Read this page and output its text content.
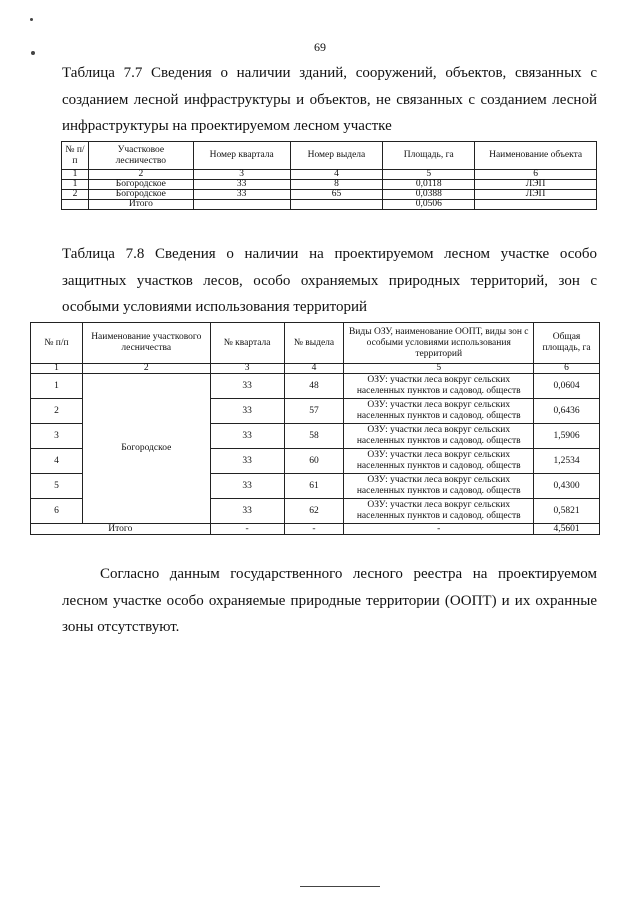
69
Таблица 7.7 Сведения о наличии зданий, сооружений, объектов, связанных с
созданием лесной инфраструктуры и объектов, не связанных с созданием лесной
инфраструктуры на проектируемом лесном участке
№ п/п	Участковое лесничество	Номер квартала	Номер выдела	Площадь, га	Наименование объекта
1	2	3	4	5	6
1	Богородское	33	8	0,0118	ЛЭП
2	Богородское	33	65	0,0388	ЛЭП
	Итого			0,0506	
Таблица 7.8 Сведения о наличии на проектируемом лесном участке особо
защитных участков лесов, особо охраняемых природных территорий, зон с
особыми условиями использования территорий
№ п/п	Наименование участкового лесничества	№ квартала	№ выдела	Виды ОЗУ, наименование ООПТ, виды зон с особыми условиями использования территорий	Общая площадь, га
1	2	3	4	5	6
1	Богородское	33	48	ОЗУ: участки леса вокруг сельских
населенных пунктов и садовод. обществ	0,0604
2		33	57	ОЗУ: участки леса вокруг сельских
населенных пунктов и садовод. обществ	0,6436
3		33	58	ОЗУ: участки леса вокруг сельских
населенных пунктов и садовод. обществ	1,5906
4		33	60	ОЗУ: участки леса вокруг сельских
населенных пунктов и садовод. обществ	1,2534
5		33	61	ОЗУ: участки леса вокруг сельских
населенных пунктов и садовод. обществ	0,4300
6		33	62	ОЗУ: участки леса вокруг сельских
населенных пунктов и садовод. обществ	0,5821
Итого		-	-	-	4,5601
Согласно данным государственного лесного реестра на проектируемом
лесном участке особо охраняемые природные территории (ООПТ) и их охранные
зоны отсутствуют.
